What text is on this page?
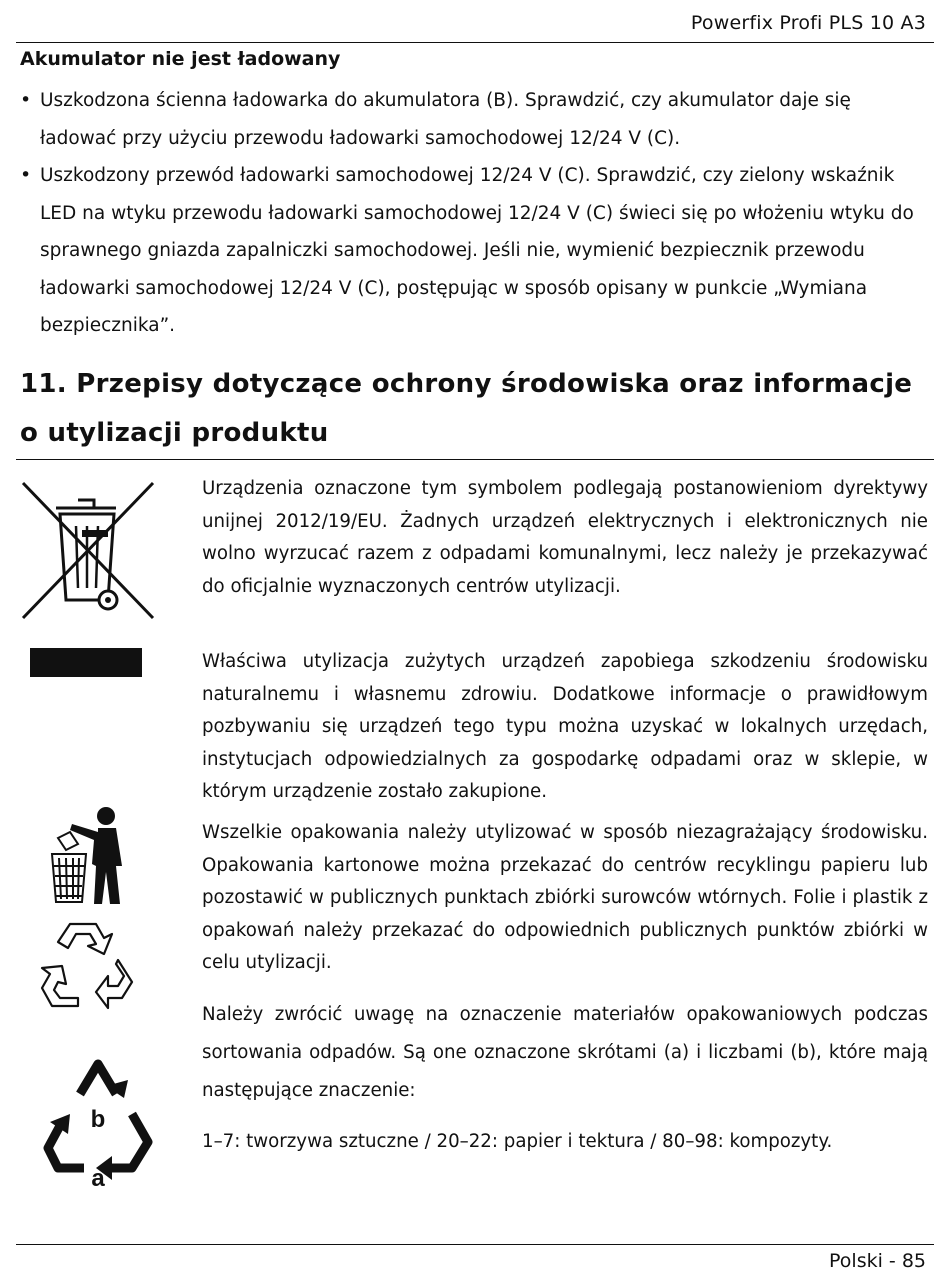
Powerfix Profi PLS 10 A3
Akumulator nie jest ładowany
• Uszkodzona ścienna ładowarka do akumulatora (B). Sprawdzić, czy akumulator daje się ładować przy użyciu przewodu ładowarki samochodowej 12/24 V (C).
• Uszkodzony przewód ładowarki samochodowej 12/24 V (C). Sprawdzić, czy zielony wskaźnik LED na wtyku przewodu ładowarki samochodowej 12/24 V (C) świeci się po włożeniu wtyku do sprawnego gniazda zapalniczki samochodowej. Jeśli nie, wymienić bezpiecznik przewodu ładowarki samochodowej 12/24 V (C), postępując w sposób opisany w punkcie „Wymiana bezpiecznika”.
11. Przepisy dotyczące ochrony środowiska oraz informacje o utylizacji produktu

Urządzenia oznaczone tym symbolem podlegają postanowieniom dyrektywy unijnej 2012/19/EU. Żadnych urządzeń elektrycznych i elektronicznych nie wolno wyrzucać razem z odpadami komunalnymi, lecz należy je przekazywać do oficjalnie wyznaczonych centrów utylizacji.

Właściwa utylizacja zużytych urządzeń zapobiega szkodzeniu środowisku naturalnemu i własnemu zdrowiu. Dodatkowe informacje o prawidłowym pozbywaniu się urządzeń tego typu można uzyskać w lokalnych urzędach, instytucjach odpowiedzialnych za gospodarkę odpadami oraz w sklepie, w którym urządzenie zostało zakupione.

Wszelkie opakowania należy utylizować w sposób niezagrażający środowisku. Opakowania kartonowe można przekazać do centrów recyklingu papieru lub pozostawić w publicznych punktach zbiórki surowców wtórnych. Folie i plastik z opakowań należy przekazać do odpowiednich publicznych punktów zbiórki w celu utylizacji.

Należy zwrócić uwagę na oznaczenie materiałów opakowaniowych podczas sortowania odpadów. Są one oznaczone skrótami (a) i liczbami (b), które mają następujące znaczenie:

1–7: tworzywa sztuczne / 20–22: papier i tektura / 80–98: kompozyty.

b
a
Polski - 85
